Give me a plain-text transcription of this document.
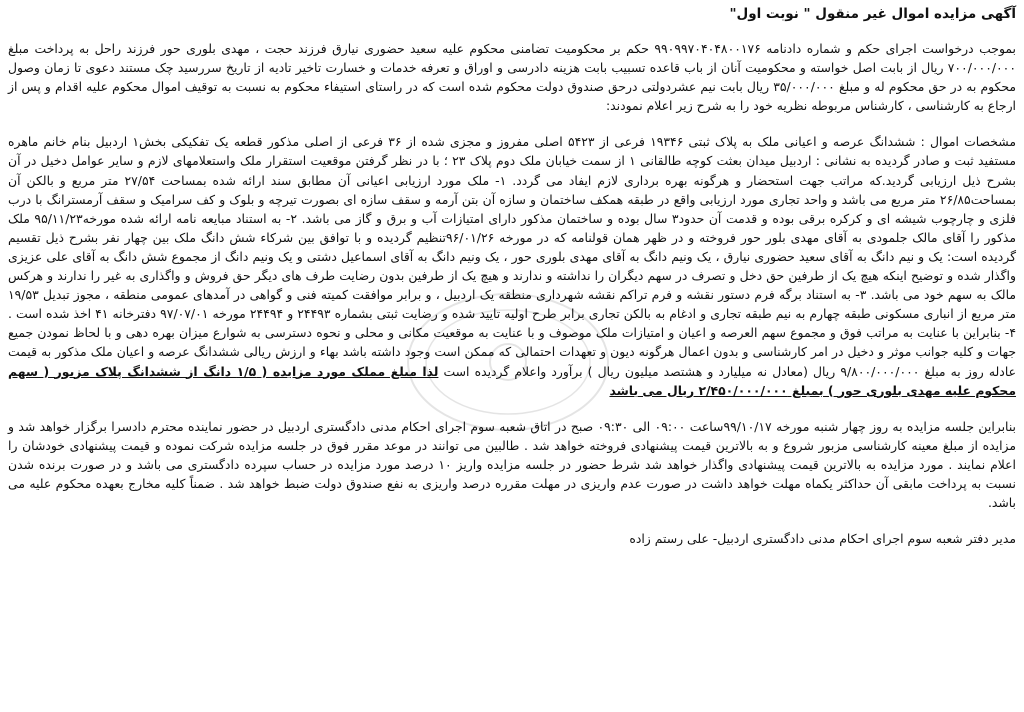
آگهی مزایده اموال غیر منقول " نوبت اول"
بموجب درخواست اجرای حکم و شماره دادنامه ۹۹۰۹۹۷۰۴۰۴۸۰۰۱۷۶ حکم بر محکومیت تضامنی محکوم علیه سعید حضوری نیارق فرزند حجت ، مهدی بلوری حور فرزند راحل به پرداخت مبلغ ۷۰۰/۰۰۰/۰۰۰ ریال از بابت اصل خواسته و محکومیت آنان از باب قاعده تسبیب بابت هزینه دادرسی و اوراق و تعرفه خدمات و خسارت تاخیر تادیه از تاریخ سررسید چک مستند دعوی تا زمان وصول محکوم به در حق محکوم له و مبلغ ۳۵/۰۰۰/۰۰۰ ریال بابت نیم عشردولتی درحق صندوق دولت محکوم شده است که در راستای استیفاء محکوم به نسبت به توقیف اموال محکوم علیه اقدام و پس از ارجاع به کارشناسی ، کارشناس مربوطه نظریه خود را به شرح زیر اعلام نمودند:
مشخصات اموال : ششدانگ عرصه و اعیانی ملک به پلاک ثبتی ۱۹۳۴۶ فرعی از ۵۴۲۳ اصلی مفروز و مجزی شده از ۳۶ فرعی از اصلی مذکور قطعه یک تفکیکی بخش۱ اردبیل بنام خانم ماهره مستفید ثبت و صادر گردیده به نشانی : اردبیل میدان بعثت کوچه طالقانی ۱ از سمت خیابان ملک دوم پلاک ۲۳ ؛ با در نظر گرفتن موقعیت استقرار ملک واستعلامهای لازم و سایر عوامل دخیل در آن بشرح ذیل ارزیابی گردید.که مراتب جهت استحضار و هرگونه بهره برداری لازم ایفاد می گردد. ۱- ملک مورد ارزیابی اعیانی آن مطابق سند ارائه شده بمساحت ۲۷/۵۴ متر مربع و بالکن آن بمساحت۲۶/۸۵ متر مربع می باشد و واحد تجاری مورد ارزیابی واقع در طبقه همکف ساختمان و سازه آن بتن آرمه و سقف سازه ای بصورت تیرچه و بلوک و کف سرامیک و سقف آرمسترانگ با درب فلزی و چارچوب شیشه ای و کرکره برقی بوده و قدمت آن حدود۳ سال بوده و ساختمان مذکور دارای امتیازات آب و برق و گاز می باشد. ۲- به استناد مبایعه نامه ارائه شده مورخه۹۵/۱۱/۲۳ ملک مذکور را آقای مالک جلمودی به آقای مهدی بلور حور فروخته و در ظهر همان قولنامه که در مورخه ۹۶/۰۱/۲۶تنظیم گردیده و با توافق بین شرکاء شش دانگ ملک بین چهار نفر بشرح ذیل تقسیم گردیده است: یک و نیم دانگ به آقای سعید حضوری نیارق ، یک ونیم دانگ به آقای مهدی بلوری حور ، یک ونیم دانگ به آقای اسماعیل دشتی و یک ونیم دانگ از مجموع شش دانگ به آقای علی عزیزی واگذار شده و توضیح اینکه هیچ یک از طرفین حق دخل و تصرف در سهم دیگران را نداشته و ندارند و هیچ یک از طرفین بدون رضایت طرف های دیگر حق فروش و واگذاری به غیر را ندارند و هرکس مالک به سهم خود می باشد. ۳- به استناد برگه فرم دستور نقشه و فرم تراکم نقشه شهرداری منطقه یک اردبیل ، و برابر موافقت کمیته فنی و گواهی در آمدهای عمومی منطقه ، مجوز تبدیل ۱۹/۵۳ متر مربع از انباری مسکونی طبقه چهارم به نیم طبقه تجاری و ادغام به بالکن تجاری برابر طرح اولیه تایید شده و رضایت ثبتی بشماره ۲۴۴۹۳ و ۲۴۴۹۴ مورخه ۹۷/۰۷/۰۱ دفترخانه ۴۱ اخذ شده است . ۴- بنابراین با عنایت به مراتب فوق و مجموع سهم العرصه و اعیان و امتیازات ملک موصوف و با عنایت به موقعیت مکانی و محلی و نحوه دسترسی به شوارع میزان بهره دهی و با لحاظ نمودن جمیع جهات و کلیه جوانب موثر و دخیل در امر کارشناسی و بدون اعمال هرگونه دیون و تعهدات احتمالی که ممکن است وجود داشته باشد بهاء و ارزش ریالی ششدانگ عرصه و اعیان ملک مذکور به قیمت عادله روز به مبلغ ۹/۸۰۰/۰۰۰/۰۰۰ ریال (معادل نه میلیارد و هشتصد میلیون ریال ) برآورد واعلام گردیده است لذا مبلغ مملک مورد مزایده ( ۱/۵ دانگ از ششدانگ پلاک مزبور ( سهم محکوم علیه مهدی بلوری حور ) بمبلغ ۲/۴۵۰/۰۰۰/۰۰۰ ریال می باشد
بنابراین جلسه مزایده به روز چهار شنبه مورخه ۹۹/۱۰/۱۷ساعت ۰۹:۰۰ الی ۰۹:۳۰ صبح در اتاق شعبه سوم اجرای احکام مدنی دادگستری اردبیل در حضور نماینده محترم دادسرا برگزار خواهد شد و مزایده از مبلغ معینه کارشناسی مزبور شروع و به بالاترین قیمت پیشنهادی فروخته خواهد شد . طالبین می توانند در موعد مقرر فوق در جلسه مزایده شرکت نموده و قیمت پیشنهادی خودشان را اعلام نمایند . مورد مزایده به بالاترین قیمت پیشنهادی واگذار خواهد شد شرط حضور در جلسه مزایده واریز ۱۰ درصد مورد مزایده در حساب سپرده دادگستری می باشد و در صورت برنده شدن نسبت به پرداخت مابقی آن حداکثر یکماه مهلت خواهد داشت در صورت عدم واریزی در مهلت مقرره درصد واریزی به نفع صندوق دولت ضبط خواهد شد . ضمناً کلیه مخارج بعهده محکوم علیه می باشد.
مدیر دفتر شعبه سوم اجرای احکام مدنی دادگستری اردبیل- علی رستم زاده
